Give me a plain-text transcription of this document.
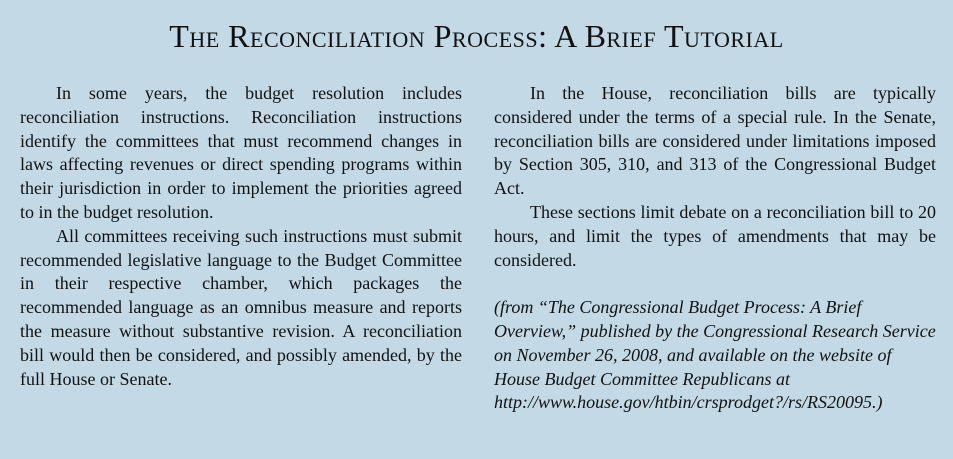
The Reconciliation Process: A Brief Tutorial

In some years, the budget resolution includes reconciliation instructions. Reconciliation instructions identify the committees that must recommend changes in laws affecting revenues or direct spending programs within their jurisdiction in order to implement the priorities agreed to in the budget resolution.

All committees receiving such instructions must submit recommended legislative language to the Budget Committee in their respective chamber, which packages the recommended language as an omnibus measure and reports the measure without substantive revision. A reconciliation bill would then be considered, and possibly amended, by the full House or Senate.

In the House, reconciliation bills are typically considered under the terms of a special rule. In the Senate, reconciliation bills are considered under limitations imposed by Section 305, 310, and 313 of the Congressional Budget Act.

These sections limit debate on a reconciliation bill to 20 hours, and limit the types of amendments that may be considered.

(from “The Congressional Budget Process: A Brief Overview,” published by the Congressional Research Service on November 26, 2008, and available on the website of House Budget Committee Republicans at http://www.house.gov/htbin/crsprodget?/rs/RS20095.)
